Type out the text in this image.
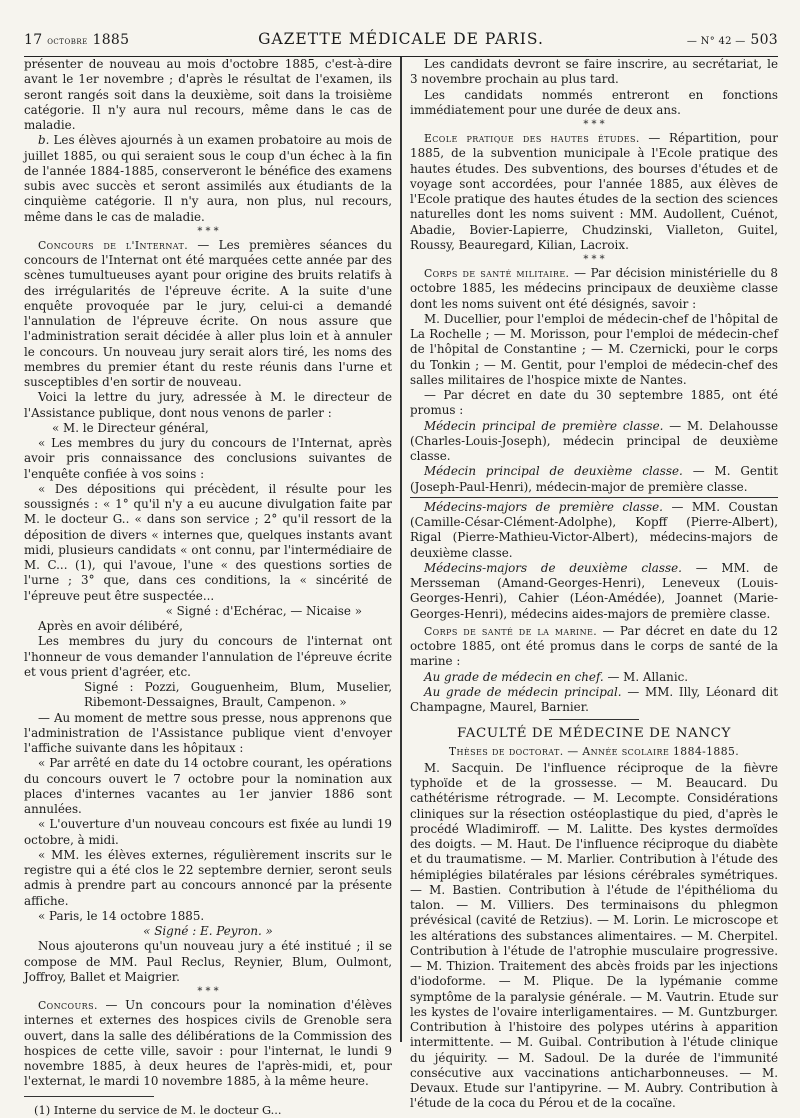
17 octobre 1885	GAZETTE MÉDICALE DE PARIS.	— N° 42 — 503

présenter de nouveau au mois d'octobre 1885, c'est-à-dire avant le 1er novembre ; d'après le résultat de l'examen, ils seront rangés soit dans la deuxième, soit dans la troisième catégorie. Il n'y aura nul recours, même dans le cas de maladie.

b. Les élèves ajournés à un examen probatoire au mois de juillet 1885, ou qui seraient sous le coup d'un échec à la fin de l'année 1884-1885, conserveront le bénéfice des examens subis avec succès et seront assimilés aux étudiants de la cinquième catégorie. Il n'y aura, non plus, nul recours, même dans le cas de maladie.

* * *

Concours de l'Internat. — Les premières séances du concours de l'Internat ont été marquées cette année par des scènes tumultueuses ayant pour origine des bruits relatifs à des irrégularités de l'épreuve écrite. A la suite d'une enquête provoquée par le jury, celui-ci a demandé l'annulation de l'épreuve écrite. On nous assure que l'administration serait décidée à aller plus loin et à annuler le concours. Un nouveau jury serait alors tiré, les noms des membres du premier étant du reste réunis dans l'urne et susceptibles d'en sortir de nouveau.

Voici la lettre du jury, adressée à M. le directeur de l'Assistance publique, dont nous venons de parler :

« M. le Directeur général,

« Les membres du jury du concours de l'Internat, après avoir pris connaissance des conclusions suivantes de l'enquête confiée à vos soins :

« Des dépositions qui précèdent, il résulte pour les soussignés : « 1° qu'il n'y a eu aucune divulgation faite par M. le docteur G.. « dans son service ; 2° qu'il ressort de la déposition de divers « internes que, quelques instants avant midi, plusieurs candidats « ont connu, par l'intermédiaire de M. C... (1), qui l'avoue, l'une « des questions sorties de l'urne ; 3° que, dans ces conditions, la « sincérité de l'épreuve peut être suspectée...

« Signé : d'Echérac, — Nicaise »

Après en avoir délibéré,

Les membres du jury du concours de l'internat ont l'honneur de vous demander l'annulation de l'épreuve écrite et vous prient d'agréer, etc.

Signé : Pozzi, Gouguenheim, Blum, Muselier, Ribemont-Dessaignes, Brault, Campenon. »

— Au moment de mettre sous presse, nous apprenons que l'administration de l'Assistance publique vient d'envoyer l'affiche suivante dans les hôpitaux :

« Par arrêté en date du 14 octobre courant, les opérations du concours ouvert le 7 octobre pour la nomination aux places d'internes vacantes au 1er janvier 1886 sont annulées.

« L'ouverture d'un nouveau concours est fixée au lundi 19 octobre, à midi.

« MM. les élèves externes, régulièrement inscrits sur le registre qui a été clos le 22 septembre dernier, seront seuls admis à prendre part au concours annoncé par la présente affiche.

« Paris, le 14 octobre 1885.

« Signé : E. Peyron. »

Nous ajouterons qu'un nouveau jury a été institué ; il se compose de MM. Paul Reclus, Reynier, Blum, Oulmont, Joffroy, Ballet et Maigrier.

* * *

Concours. — Un concours pour la nomination d'élèves internes et externes des hospices civils de Grenoble sera ouvert, dans la salle des délibérations de la Commission des hospices de cette ville, savoir : pour l'internat, le lundi 9 novembre 1885, à deux heures de l'après-midi, et, pour l'externat, le mardi 10 novembre 1885, à la même heure.

(1) Interne du service de M. le docteur G...

Les candidats devront se faire inscrire, au secrétariat, le 3 novembre prochain au plus tard.

Les candidats nommés entreront en fonctions immédiatement pour une durée de deux ans.

* * *

Ecole pratique des hautes études. — Répartition, pour 1885, de la subvention municipale à l'Ecole pratique des hautes études. Des subventions, des bourses d'études et de voyage sont accordées, pour l'année 1885, aux élèves de l'Ecole pratique des hautes études de la section des sciences naturelles dont les noms suivent : MM. Audollent, Cuénot, Abadie, Bovier-Lapierre, Chudzinski, Vialleton, Guitel, Roussy, Beauregard, Kilian, Lacroix.

* * *

Corps de santé militaire. — Par décision ministérielle du 8 octobre 1885, les médecins principaux de deuxième classe dont les noms suivent ont été désignés, savoir :

M. Ducellier, pour l'emploi de médecin-chef de l'hôpital de La Rochelle ; — M. Morisson, pour l'emploi de médecin-chef de l'hôpital de Constantine ; — M. Czernicki, pour le corps du Tonkin ; — M. Gentit, pour l'emploi de médecin-chef des salles militaires de l'hospice mixte de Nantes.

— Par décret en date du 30 septembre 1885, ont été promus :

Médecin principal de première classe. — M. Delahousse (Charles-Louis-Joseph), médecin principal de deuxième classe.

Médecin principal de deuxième classe. — M. Gentit (Joseph-Paul-Henri), médecin-major de première classe.

Médecins-majors de première classe. — MM. Coustan (Camille-César-Clément-Adolphe), Kopff (Pierre-Albert), Rigal (Pierre-Mathieu-Victor-Albert), médecins-majors de deuxième classe.

Médecins-majors de deuxième classe. — MM. de Mersseman (Amand-Georges-Henri), Leneveux (Louis-Georges-Henri), Cahier (Léon-Amédée), Joannet (Marie-Georges-Henri), médecins aides-majors de première classe.

Corps de santé de la marine. — Par décret en date du 12 octobre 1885, ont été promus dans le corps de santé de la marine :

Au grade de médecin en chef. — M. Allanic.

Au grade de médecin principal. — MM. Illy, Léonard dit Champagne, Maurel, Barnier.

FACULTÉ DE MÉDECINE DE NANCY

Thèses de doctorat. — Année scolaire 1884-1885.

M. Sacquin. De l'influence réciproque de la fièvre typhoïde et de la grossesse. — M. Beaucard. Du cathétérisme rétrograde. — M. Lecompte. Considérations cliniques sur la résection ostéoplastique du pied, d'après le procédé Wladimiroff. — M. Lalitte. Des kystes dermoïdes des doigts. — M. Haut. De l'influence réciproque du diabète et du traumatisme. — M. Marlier. Contribution à l'étude des hémiplégies bilatérales par lésions cérébrales symétriques. — M. Bastien. Contribution à l'étude de l'épithélioma du talon. — M. Villiers. Des terminaisons du phlegmon prévésical (cavité de Retzius). — M. Lorin. Le microscope et les altérations des substances alimentaires. — M. Cherpitel. Contribution à l'étude de l'atrophie musculaire progressive. — M. Thizion. Traitement des abcès froids par les injections d'iodoforme. — M. Plique. De la lypémanie comme symptôme de la paralysie générale. — M. Vautrin. Etude sur les kystes de l'ovaire interligamentaires. — M. Guntzburger. Contribution à l'histoire des polypes utérins à apparition intermittente. — M. Guibal. Contribution à l'étude clinique du jéquirity. — M. Sadoul. De la durée de l'immunité consécutive aux vaccinations anticharbonneuses. — M. Devaux. Etude sur l'antipyrine. — M. Aubry. Contribution à l'étude de la coca du Pérou et de la cocaïne.
